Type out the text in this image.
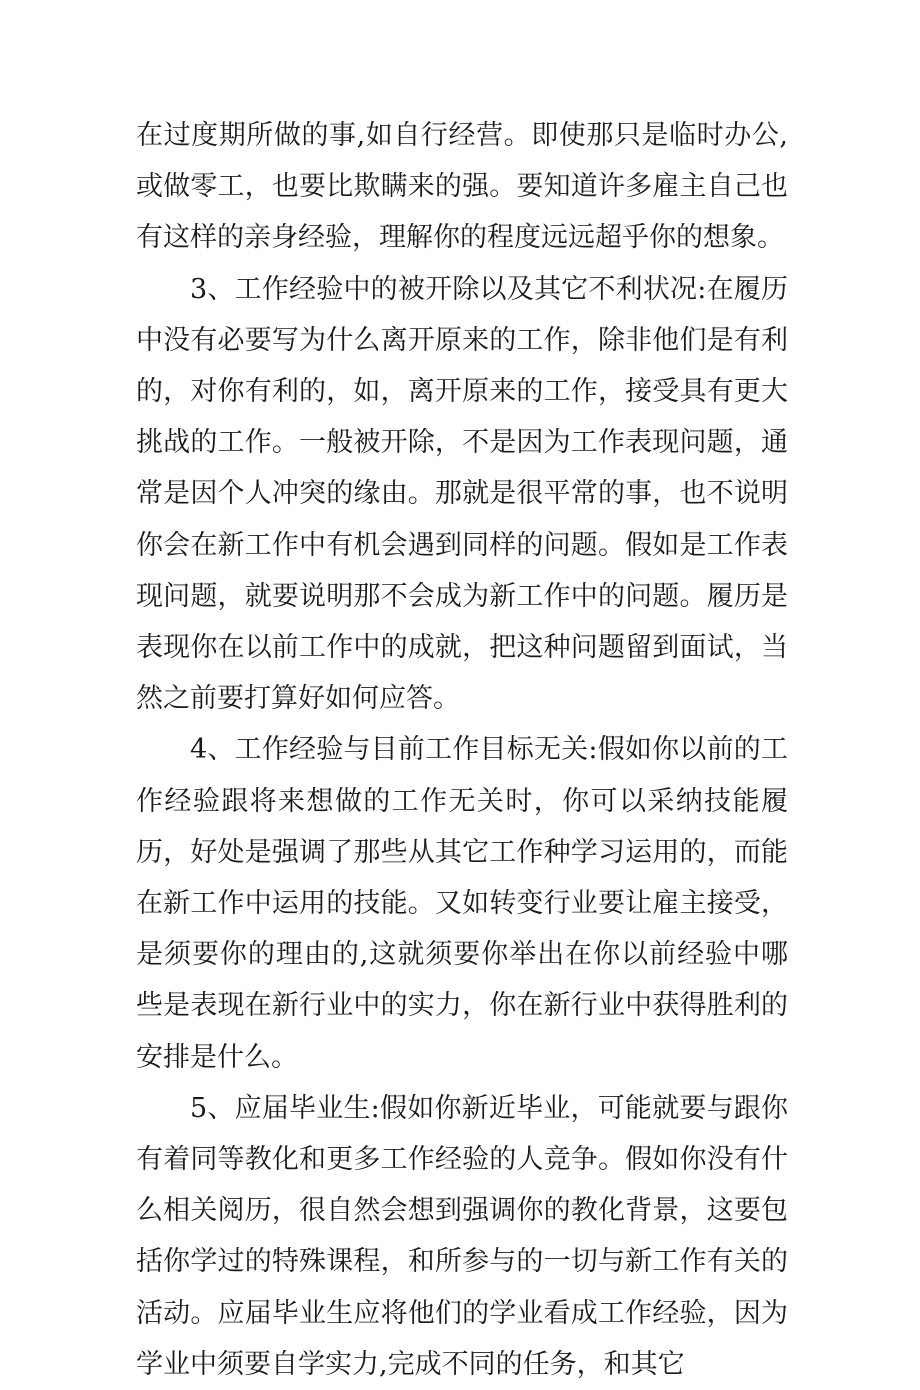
在过度期所做的事,如自行经营。即使那只是临时办公,或做零工，也要比欺瞒来的强。要知道许多雇主自己也有这样的亲身经验，理解你的程度远远超乎你的想象。

3、工作经验中的被开除以及其它不利状况:在履历中没有必要写为什么离开原来的工作，除非他们是有利的，对你有利的，如，离开原来的工作，接受具有更大挑战的工作。一般被开除，不是因为工作表现问题，通常是因个人冲突的缘由。那就是很平常的事，也不说明你会在新工作中有机会遇到同样的问题。假如是工作表现问题，就要说明那不会成为新工作中的问题。履历是表现你在以前工作中的成就，把这种问题留到面试，当然之前要打算好如何应答。

4、工作经验与目前工作目标无关:假如你以前的工作经验跟将来想做的工作无关时，你可以采纳技能履历，好处是强调了那些从其它工作种学习运用的，而能在新工作中运用的技能。又如转变行业要让雇主接受，是须要你的理由的,这就须要你举出在你以前经验中哪些是表现在新行业中的实力，你在新行业中获得胜利的安排是什么。

5、应届毕业生:假如你新近毕业，可能就要与跟你有着同等教化和更多工作经验的人竞争。假如你没有什么相关阅历，很自然会想到强调你的教化背景，这要包括你学过的特殊课程，和所参与的一切与新工作有关的活动。应届毕业生应将他们的学业看成工作经验，因为学业中须要自学实力,完成不同的任务，和其它
